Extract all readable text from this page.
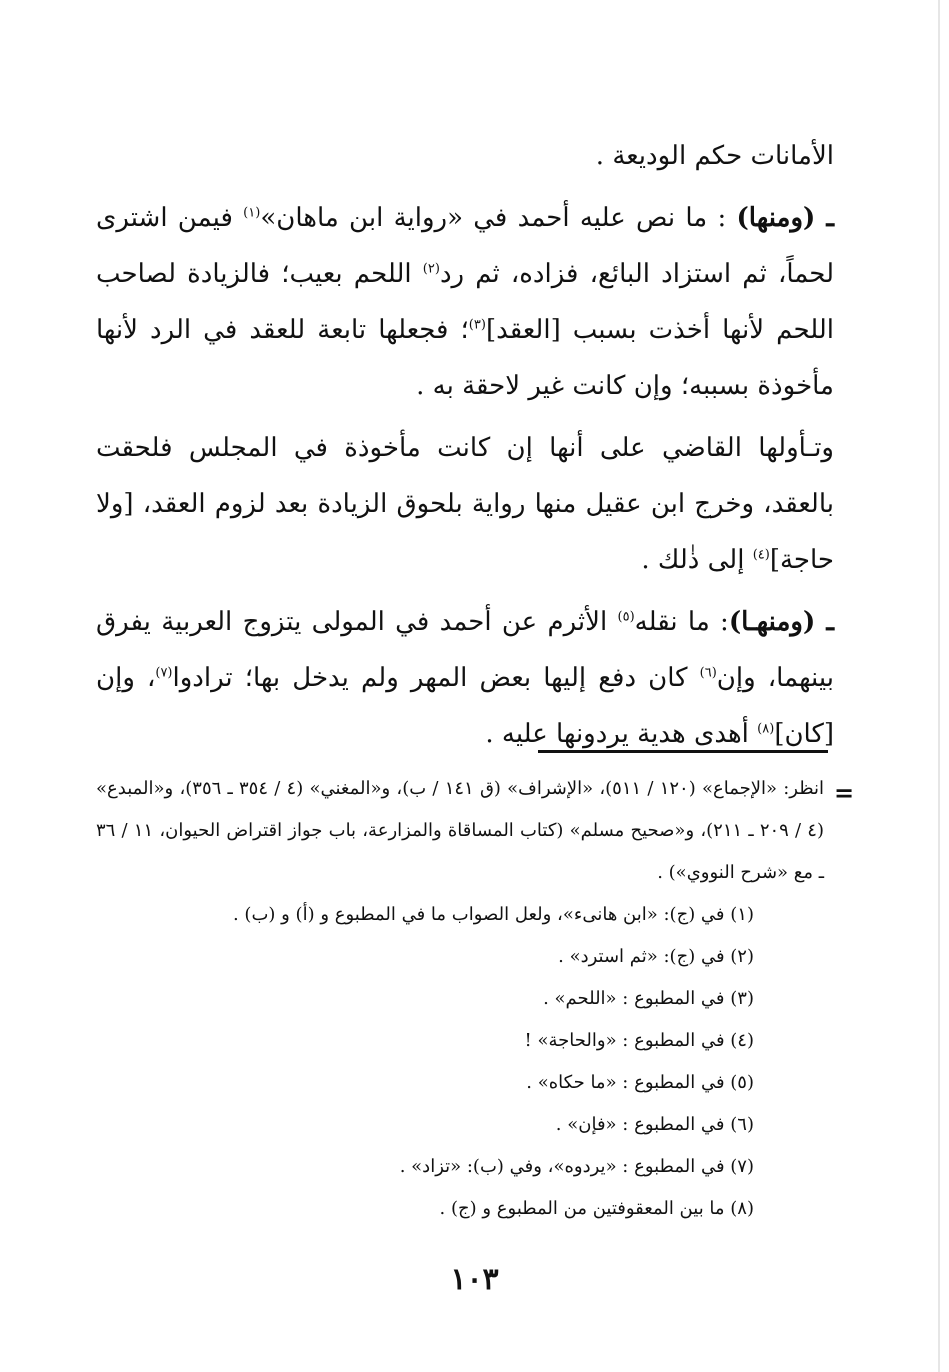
الأمانات حكم الوديعة .

ـ (ومنها) : ما نص عليه أحمد في «رواية ابن ماهان»$^{(١)}$ فيمن اشترى لحماً، ثم استزاد البائع، فزاده، ثم رد$^{(٢)}$ اللحم بعيب؛ فالزيادة لصاحب اللحم لأنها أخذت بسبب [العقد]$^{(٣)}$؛ فجعلها تابعة للعقد في الرد لأنها مأخوذة بسببه؛ وإن كانت غير لاحقة به .

وتـأولها القاضي على أنها إن كانت مأخوذة في المجلس فلحقت بالعقد، وخرج ابن عقيل منها رواية بلحوق الزيادة بعد لزوم العقد، [ولا حاجة]$^{(٤)}$ إلى ذٰلك .

ـ (ومنهـا): ما نقله$^{(٥)}$ الأثرم عن أحمد في المولى يتزوج العربية يفرق بينهما، وإن$^{(٦)}$ كان دفع إليها بعض المهر ولم يدخل بها؛ ترادوا$^{(٧)}$، وإن [كان]$^{(٨)}$ أهدى هدية يردونها عليه .

=

انظر: «الإجماع» (١٢٠ / ٥١١)، «الإشراف» (ق ١٤١ / ب)، و«المغني» (٤ / ٣٥٤ ـ ٣٥٦)، و«المبدع» (٤ / ٢٠٩ ـ ٢١١)، و«صحيح مسلم» (كتاب المساقاة والمزارعة، باب جواز اقتراض الحيوان، ١١ / ٣٦ ـ مع «شرح النووي») .

(١) في (ج): «ابن هانىء»، ولعل الصواب ما في المطبوع و (أ) و (ب) .

(٢) في (ج): «ثم استرد» .

(٣) في المطبوع : «اللحم» .

(٤) في المطبوع : «والحاجة» !

(٥) في المطبوع : «ما حكاه» .

(٦) في المطبوع : «فإن» .

(٧) في المطبوع : «يردوه»، وفي (ب): «تزاد» .

(٨) ما بين المعقوفتين من المطبوع و (ج) .

١٠٣
